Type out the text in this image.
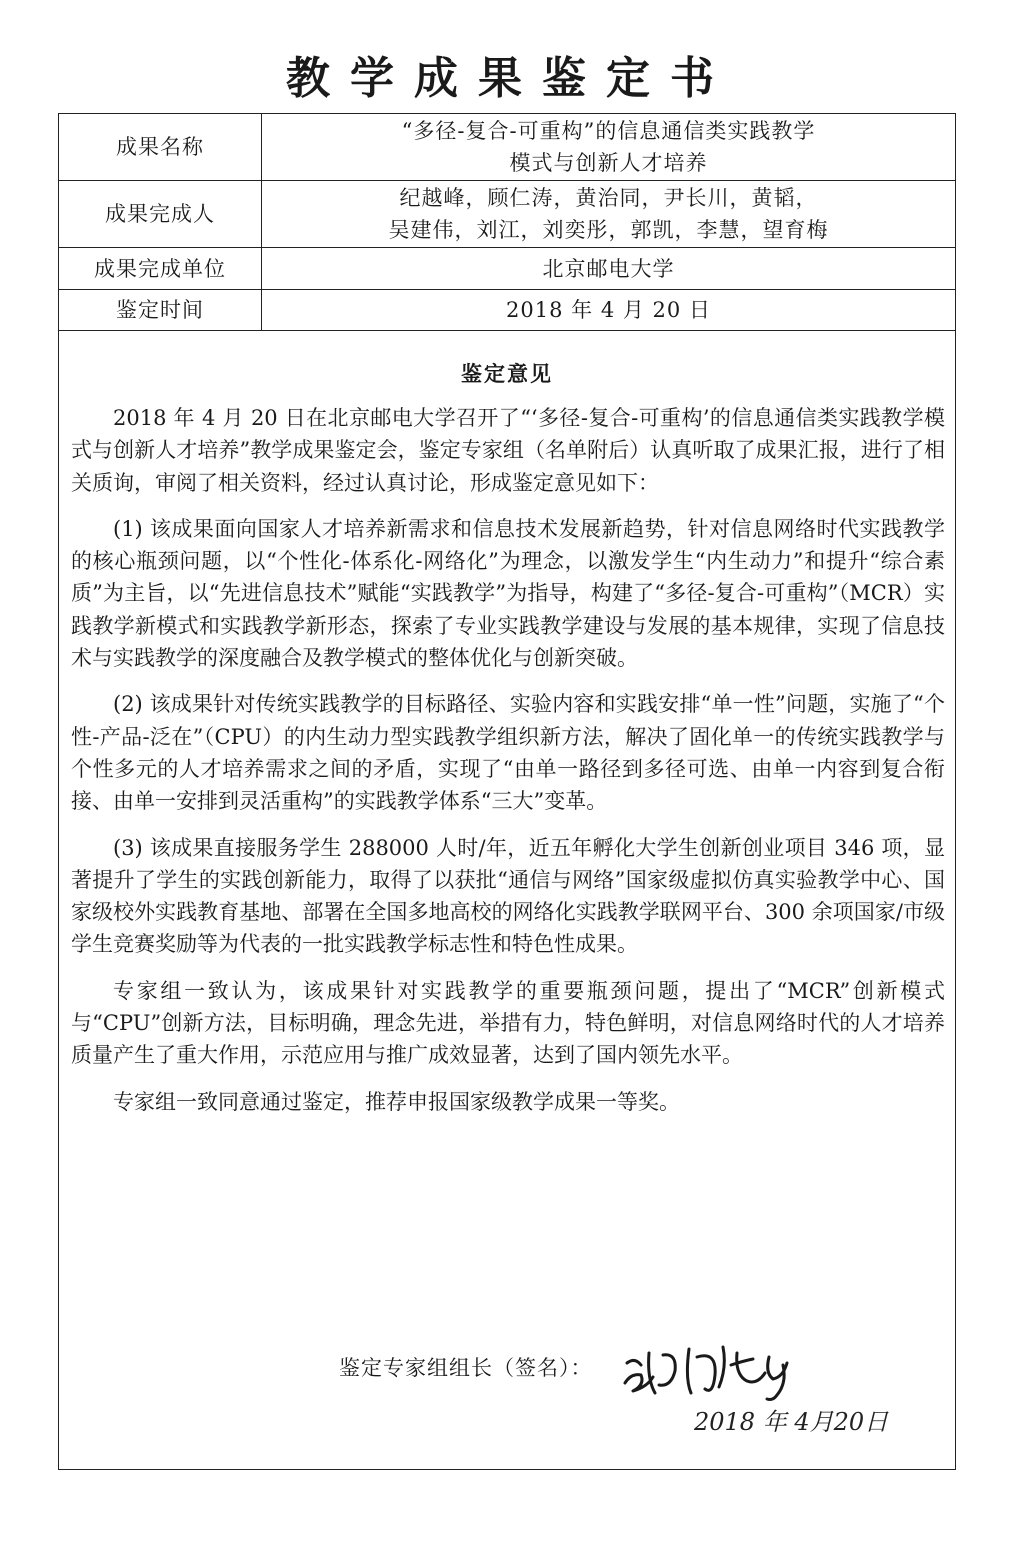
教学成果鉴定书
成果名称	“多径-复合-可重构”的信息通信类实践教学
模式与创新人才培养

成果完成人	纪越峰，顾仁涛，黄治同，尹长川，黄韬，
吴建伟，刘江，刘奕彤，郭凯，李慧，望育梅

成果完成单位	北京邮电大学

鉴定时间	2018 年 4 月 20 日
鉴定意见

2018 年 4 月 20 日在北京邮电大学召开了“‘多径-复合-可重构’的信息通信类实践教学模式与创新人才培养”教学成果鉴定会，鉴定专家组（名单附后）认真听取了成果汇报，进行了相关质询，审阅了相关资料，经过认真讨论，形成鉴定意见如下：

(1) 该成果面向国家人才培养新需求和信息技术发展新趋势，针对信息网络时代实践教学的核心瓶颈问题，以“个性化-体系化-网络化”为理念，以激发学生“内生动力”和提升“综合素质”为主旨，以“先进信息技术”赋能“实践教学”为指导，构建了“多径-复合-可重构”（MCR）实践教学新模式和实践教学新形态，探索了专业实践教学建设与发展的基本规律，实现了信息技术与实践教学的深度融合及教学模式的整体优化与创新突破。

(2) 该成果针对传统实践教学的目标路径、实验内容和实践安排“单一性”问题，实施了“个性-产品-泛在”（CPU）的内生动力型实践教学组织新方法，解决了固化单一的传统实践教学与个性多元的人才培养需求之间的矛盾，实现了“由单一路径到多径可选、由单一内容到复合衔接、由单一安排到灵活重构”的实践教学体系“三大”变革。

(3) 该成果直接服务学生 288000 人时/年，近五年孵化大学生创新创业项目 346 项，显著提升了学生的实践创新能力，取得了以获批“通信与网络”国家级虚拟仿真实验教学中心、国家级校外实践教育基地、部署在全国多地高校的网络化实践教学联网平台、300 余项国家/市级学生竞赛奖励等为代表的一批实践教学标志性和特色性成果。

专家组一致认为，该成果针对实践教学的重要瓶颈问题，提出了“MCR”创新模式与“CPU”创新方法，目标明确，理念先进，举措有力，特色鲜明，对信息网络时代的人才培养质量产生了重大作用，示范应用与推广成效显著，达到了国内领先水平。

专家组一致同意通过鉴定，推荐申报国家级教学成果一等奖。

鉴定专家组组长（签名）：
2018 年 4月20日
